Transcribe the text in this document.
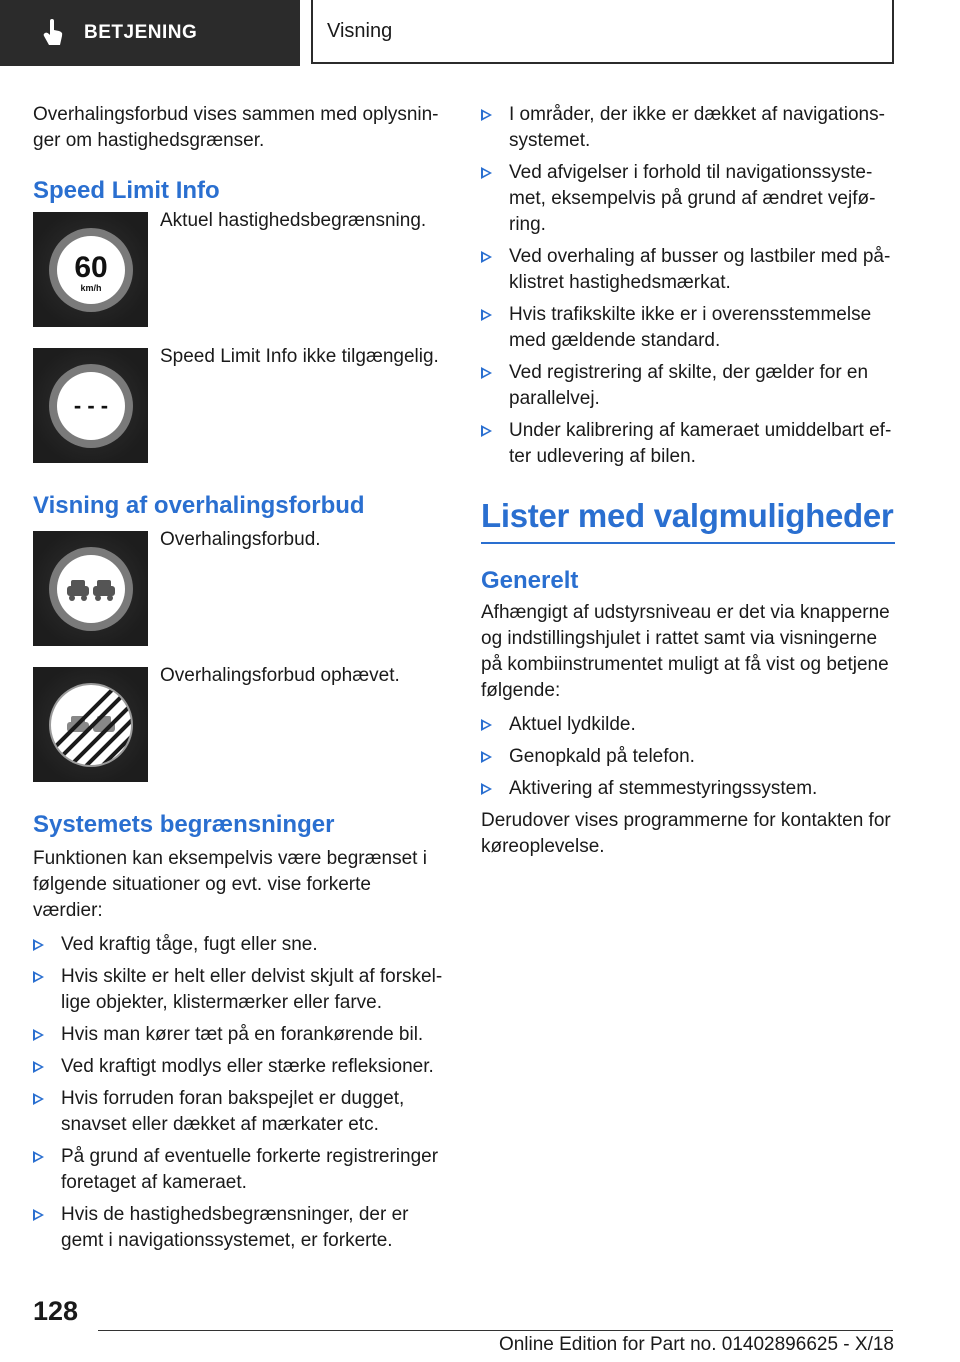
BETJENING	Visning

Overhalingsforbud vises sammen med oplysnin-ger om hastighedsgrænser.

Speed Limit Info
60
km/h
Aktuel hastighedsbegrænsning.
- - -
Speed Limit Info ikke tilgængelig.
Visning af overhalingsforbud
Overhalingsforbud.
Overhalingsforbud ophævet.
Systemets begrænsninger

Funktionen kan eksempelvis være begrænset i følgende situationer og evt. vise forkerte værdier:

Ved kraftig tåge, fugt eller sne.
Hvis skilte er helt eller delvist skjult af forskel-lige objekter, klistermærker eller farve.
Hvis man kører tæt på en forankørende bil.
Ved kraftigt modlys eller stærke refleksioner.
Hvis forruden foran bakspejlet er dugget, snavset eller dækket af mærkater etc.
På grund af eventuelle forkerte registreringer foretaget af kameraet.
Hvis de hastighedsbegrænsninger, der er gemt i navigationssystemet, er forkerte.
I områder, der ikke er dækket af navigations-systemet.
Ved afvigelser i forhold til navigationssyste-met, eksempelvis på grund af ændret vejfø-ring.
Ved overhaling af busser og lastbiler med på-klistret hastighedsmærkat.
Hvis trafikskilte ikke er i overensstemmelse med gældende standard.
Ved registrering af skilte, der gælder for en parallelvej.
Under kalibrering af kameraet umiddelbart ef-ter udlevering af bilen.
Lister med valgmuligheder
Generelt

Afhængigt af udstyrsniveau er det via knapperne og indstillingshjulet i rattet samt via visningerne på kombiinstrumentet muligt at få vist og betjene følgende:

Aktuel lydkilde.
Genopkald på telefon.
Aktivering af stemmestyringssystem.

Derudover vises programmerne for kontakten for køreoplevelse.

128
Online Edition for Part no. 01402896625 - X/18
